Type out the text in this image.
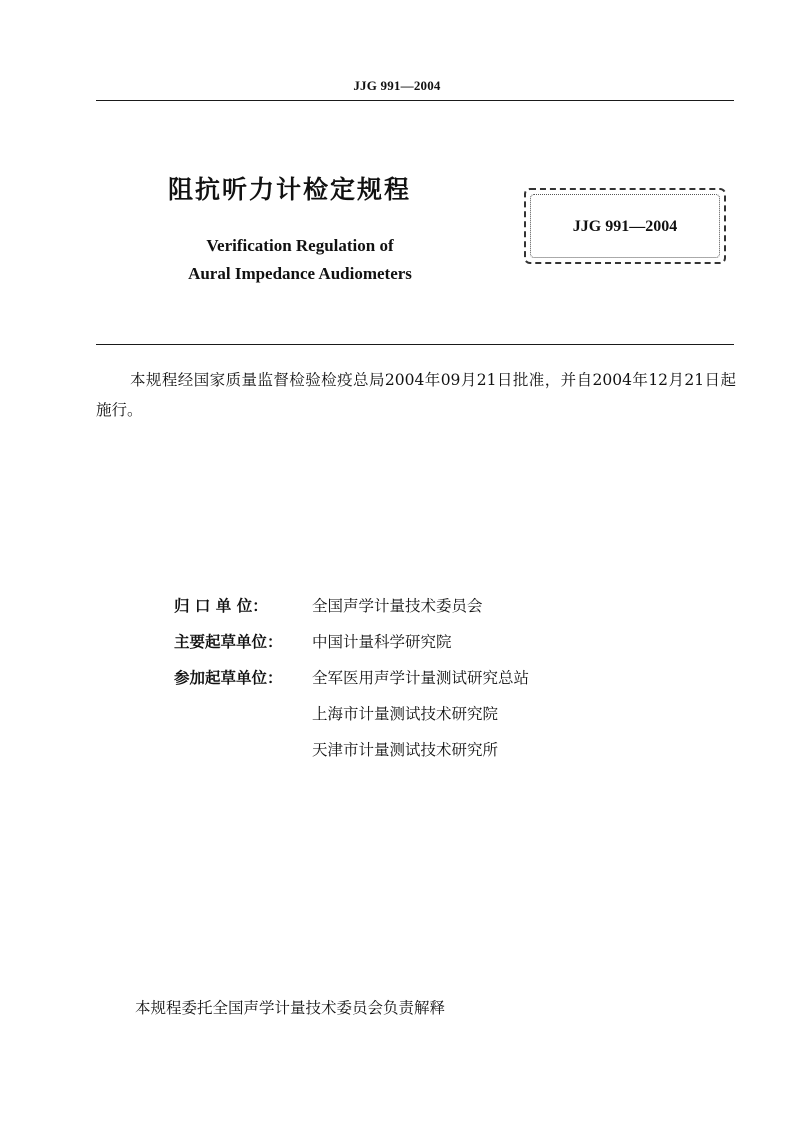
JJG 991—2004
阻抗听力计检定规程
Verification Regulation of
Aural Impedance Audiometers
JJG 991—2004
本规程经国家质量监督检验检疫总局2004年09月21日批准，并自2004年12月21日起施行。
归 口 单 位：	全国声学计量技术委员会
主要起草单位：	中国计量科学研究院
参加起草单位：	全军医用声学计量测试研究总站
上海市计量测试技术研究院
天津市计量测试技术研究所
本规程委托全国声学计量技术委员会负责解释
